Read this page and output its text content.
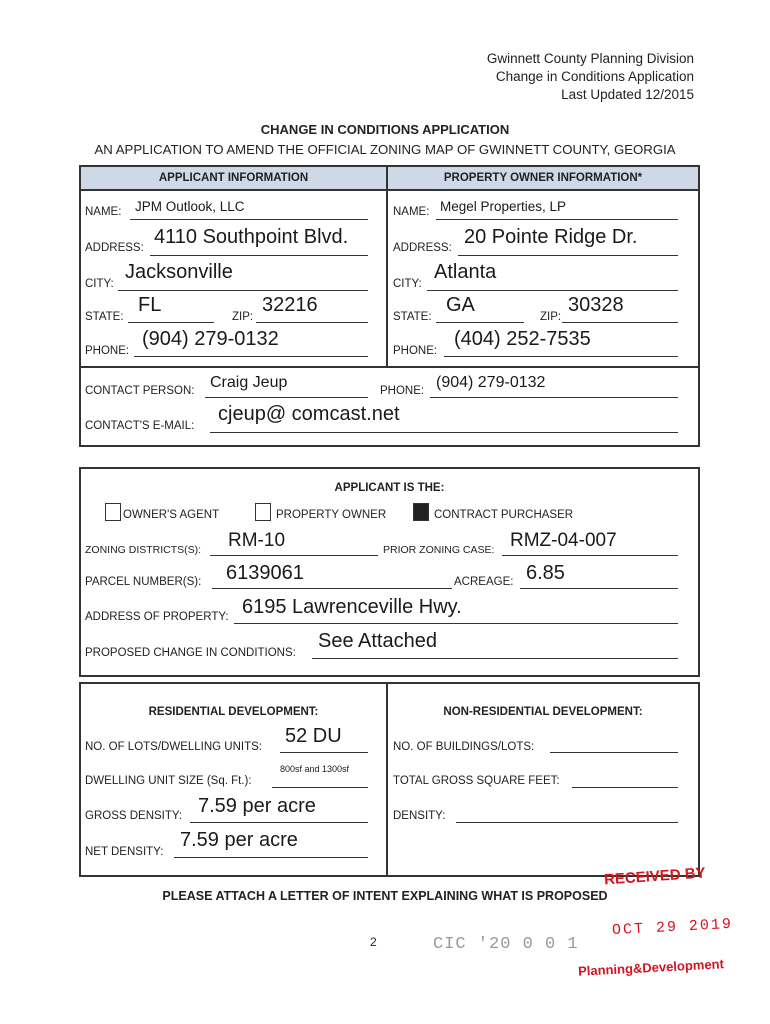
Gwinnett County Planning Division
Change in Conditions Application
Last Updated 12/2015
CHANGE IN CONDITIONS APPLICATION
AN APPLICATION TO AMEND THE OFFICIAL ZONING MAP OF GWINNETT COUNTY, GEORGIA
APPLICANT INFORMATION	PROPERTY OWNER INFORMATION*
NAME: JPM Outlook, LLC
ADDRESS: 4110 Southpoint Blvd.
CITY:
Jacksonville
STATE:
FL
ZIP:
32216
PHONE:
(904) 279-0132
NAME: Megel Properties, LP
ADDRESS: 20 Pointe Ridge Dr.
CITY:
Atlanta
STATE:
GA
ZIP:
30328
PHONE:
(404) 252-7535
CONTACT PERSON: Craig Jeup	PHONE: (904) 279-0132
CONTACT'S E-MAIL:
cjeup@ comcast.net
APPLICANT IS THE:
OWNER'S AGENT	PROPERTY OWNER	CONTRACT PURCHASER
ZONING DISTRICTS(S): RM-10	PRIOR ZONING CASE: RMZ-04-007
PARCEL NUMBER(S): 6139061	ACREAGE: 6.85
ADDRESS OF PROPERTY: 6195 Lawrenceville Hwy.
PROPOSED CHANGE IN CONDITIONS:
See Attached
RESIDENTIAL DEVELOPMENT:	NON-RESIDENTIAL DEVELOPMENT:
NO. OF LOTS/DWELLING UNITS: 52 DU
DWELLING UNIT SIZE (Sq. Ft.):
800sf and 1300sf
GROSS DENSITY: 7.59 per acre
NET DENSITY:
7.59 per acre
NO. OF BUILDINGS/LOTS:
TOTAL GROSS SQUARE FEET:
DENSITY:
PLEASE ATTACH A LETTER OF INTENT EXPLAINING WHAT IS PROPOSED
2	CIC '20 0 0 1
RECEIVED BY
OCT 29 2019
Planning&Development
